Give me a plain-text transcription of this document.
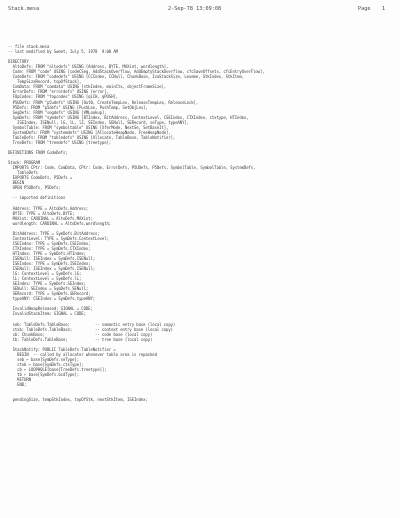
Stack.mesa	2-Sep-78 13:09:08	Page 1
-- file stack.mesa
-- last modified by Sweet, July 5, 1978  9:00 AM
DIRECTORY
AltoDefs: FROM "altodefs" USING [Address, BYTE, MAXint, wordlength],
Code: FROM "code" USING [codeCSeg, AddStackOverflow, AddEmptyStackOverflow, cfcSaveOffsets, cfcEntryOverFlow],
CodeDefs: FROM "codedefs" USING [CCIndex, CCNull, ChunkBase, IsaStackSize, Lexeme, StkIndex, StkItem,
TempSizeRecord, topOfStack],
ComData: FROM "comdata" USING [stkIndex, mainCtx, objectFrameSize],
ErrorDefs: FROM "errordefs" USING [error],
FOpCodes: FROM "fopcodes" USING [qLCH, qPUSH],
P5UDefs: FROM "p5udefs" USING [Out0, CreateTempLex, ReleaseTempLex, ReleaseLock],
P5Defs: FROM "p5defs" USING [PushLex, PushTemp, SetObjLex],
SegDefs: FROM "segdefs" USING [VMLookup],
SymDefs: FROM "symdefs" USING [BTIndex, BitAddress, ContextLevel, CSEIndex, CTXIndex, ctxtype, HTIndex,
ISEIndex, ISENull, lG, lL, lZ, SEIndex, SENull, SERecord, seType, typeANY],
SymbolTable: FROM "symboltable" USING [XferMode, NextSe, SetBaseIt],
SystemDefs: FROM "systemdefs" USING [AllocateHeapNode, FreeHeapNode],
TableDefs: FROM "tabledefs" USING [Allocate, TableBase, TableNotifier],
TreeDefs: FROM "treedefs" USING [treetype];
DEFINITIONS FROM CodeDefs;
Stack: PROGRAM
IMPORTS CPtr: Code, ComData, CPtr: Code, ErrorDefs, P5UDefs, P5Defs, SymbolTable, SymbolTable, SystemDefs,
TableDefs
EXPORTS CodeDefs, P5Defs =
BEGIN
OPEN P5UDefs, P5Defs;
-- imported definitions
Address: TYPE = AltoDefs.Address;
BYTE: TYPE = AltoDefs.BYTE;
MAXint: CARDINAL = AltoDefs.MAXint;
wordlength: CARDINAL = AltoDefs.wordlength;
BitAddress: TYPE = SymDefs.BitAddress;
ContextLevel: TYPE = SymDefs.ContextLevel;
CSEIndex: TYPE = SymDefs.CSEIndex;
CTXIndex: TYPE = SymDefs.CTXIndex;
HTIndex: TYPE = SymDefs.HTIndex;
ISENull: ISEIndex = SymDefs.ISENull;
ISEIndex: TYPE = SymDefs.ISEIndex;
ISENull: ISEIndex = SymDefs.ISENull;
lG: ContextLevel = SymDefs.lG;
lL: ContextLevel = SymDefs.lL;
SEIndex: TYPE = SymDefs.SEIndex;
SENull: SEIndex = SymDefs.SENull;
SERecord: TYPE = SymDefs.SERecord;
typeANY: CSEIndex = SymDefs.typeANY;
InvalidHeapReleased: SIGNAL = CODE;
InvalidStackItem: SIGNAL = CODE;
seb: TableDefs.TableBase;           -- semantic entry base (local copy)
ctxb: TableDefs.TableBase;          -- context entry base (local copy)
cb: ChunkBase;                      -- code base (local copy)
tb: TableDefs.TableBase;            -- tree base (local copy)
StackNotify: PUBLIC TableDefs.TableNotifier =
BEGIN  -- called by allocator whenever table area is repacked
seb ← base[SymDefs.seType];
ctxb ← base[SymDefs.ctxType];
cb ← LOOPHOLE[base[TreeDefs.treetype]];
tb ← base[SymDefs.bcdType];
RETURN
END;
pendingSize, tempStkIndex, topOfStk, nextStkItem, ISEIndex;
